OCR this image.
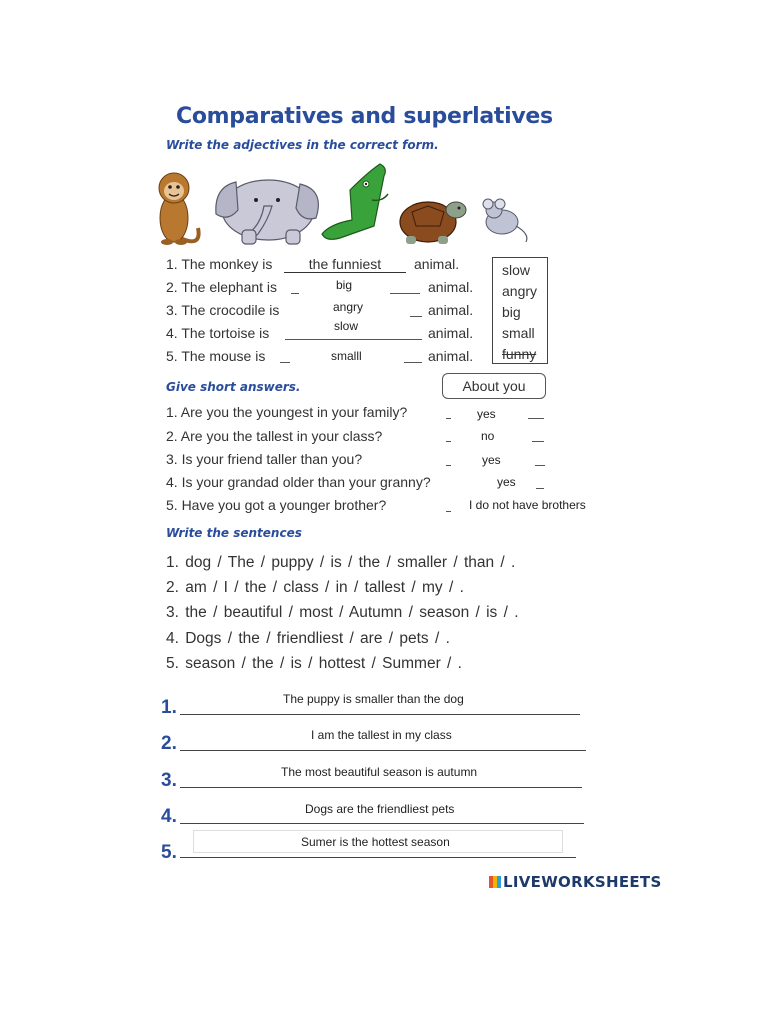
Comparatives and superlatives
Write the adjectives in the correct form.
1. The monkey is	the funniest	animal.
2. The elephant is	big	animal.
3. The crocodile is	angry	animal.
4. The tortoise is	slow	animal.
5. The mouse is	smalll	animal.
slow
angry
big
small
funny
Give short answers.	About you
1. Are you the youngest in your family?	yes
2. Are you the tallest in your class?	no
3. Is your friend taller than you?	yes
4. Is your grandad older than your granny?	yes
5. Have you got a younger brother?	I do not have brothers
Write the sentences
1. dog / The / puppy / is / the / smaller / than / .
2. am / I / the / class / in / tallest / my / .
3. the / beautiful / most / Autumn / season / is / .
4. Dogs / the / friendliest / are / pets / .
5. season / the / is / hottest / Summer / .
1.	The puppy is smaller than the dog
2.	I am the tallest in my class
3.	The most beautiful season is autumn
4.	Dogs are the friendliest pets
5.	Sumer is the hottest season
LIVEWORKSHEETS
